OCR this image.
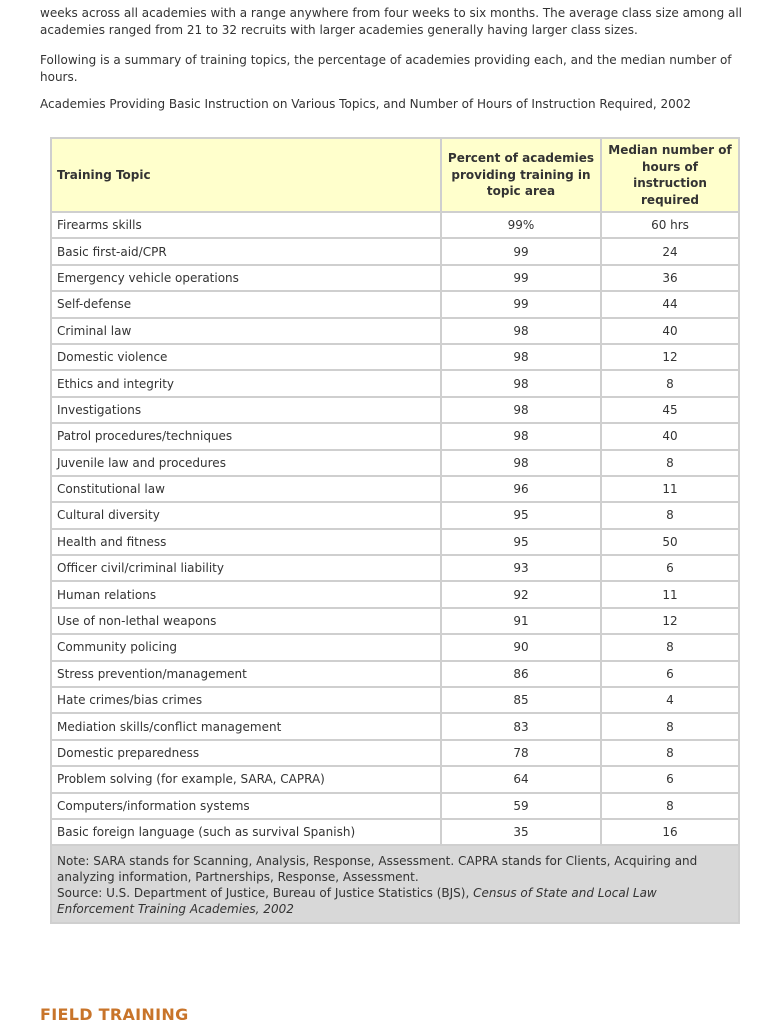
weeks across all academies with a range anywhere from four weeks to six months. The average class size among all academies ranged from 21 to 32 recruits with larger academies generally having larger class sizes.

Following is a summary of training topics, the percentage of academies providing each, and the median number of hours.

Academies Providing Basic Instruction on Various Topics, and Number of Hours of Instruction Required, 2002
Training Topic	Percent of academies providing training in topic area	Median number of hours of instruction required
Firearms skills	99%	60 hrs
Basic first-aid/CPR	99	24
Emergency vehicle operations	99	36
Self-defense	99	44
Criminal law	98	40
Domestic violence	98	12
Ethics and integrity	98	8
Investigations	98	45
Patrol procedures/techniques	98	40
Juvenile law and procedures	98	8
Constitutional law	96	11
Cultural diversity	95	8
Health and fitness	95	50
Officer civil/criminal liability	93	6
Human relations	92	11
Use of non-lethal weapons	91	12
Community policing	90	8
Stress prevention/management	86	6
Hate crimes/bias crimes	85	4
Mediation skills/conflict management	83	8
Domestic preparedness	78	8
Problem solving (for example, SARA, CAPRA)	64	6
Computers/information systems	59	8
Basic foreign language (such as survival Spanish)	35	16
Note: SARA stands for Scanning, Analysis, Response, Assessment. CAPRA stands for Clients, Acquiring and analyzing information, Partnerships, Response, Assessment.
Source: U.S. Department of Justice, Bureau of Justice Statistics (BJS), Census of State and Local Law Enforcement Training Academies, 2002		
FIELD TRAINING
